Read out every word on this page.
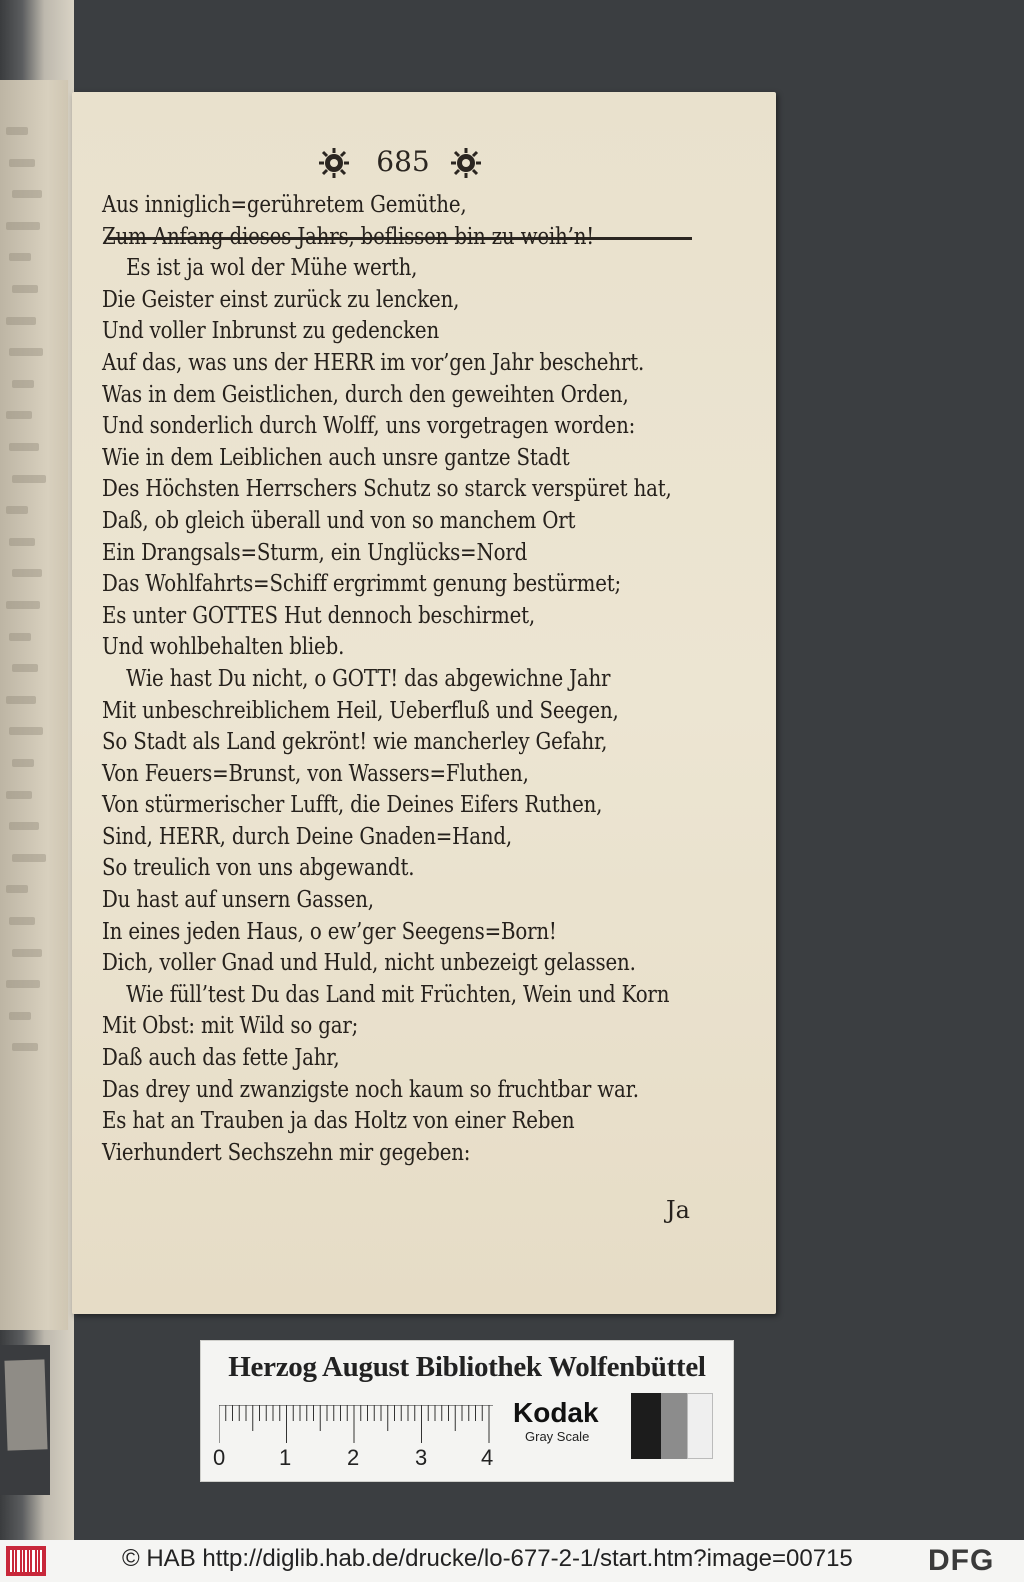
685
Aus inniglich=gerühretem Gemüthe,
Zum Anfang dieses Jahrs, beflissen bin zu weih’n!
Es ist ja wol der Mühe werth,
Die Geister einst zurück zu lencken,
Und voller Inbrunst zu gedencken
Auf das, was uns der HERR im vor’gen Jahr beschehrt.
Was in dem Geistlichen, durch den geweihten Orden,
Und sonderlich durch Wolff, uns vorgetragen worden:
Wie in dem Leiblichen auch unsre gantze Stadt
Des Höchsten Herrschers Schutz so starck verspüret hat,
Daß, ob gleich überall und von so manchem Ort
Ein Drangsals=Sturm, ein Unglücks=Nord
Das Wohlfahrts=Schiff ergrimmt genung bestürmet;
Es unter GOTTES Hut dennoch beschirmet,
Und wohlbehalten blieb.
Wie hast Du nicht, o GOTT! das abgewichne Jahr
Mit unbeschreiblichem Heil, Ueberfluß und Seegen,
So Stadt als Land gekrönt! wie mancherley Gefahr,
Von Feuers=Brunst, von Wassers=Fluthen,
Von stürmerischer Lufft, die Deines Eifers Ruthen,
Sind, HERR, durch Deine Gnaden=Hand,
So treulich von uns abgewandt.
Du hast auf unsern Gassen,
In eines jeden Haus, o ew’ger Seegens=Born!
Dich, voller Gnad und Huld, nicht unbezeigt gelassen.
Wie füll’test Du das Land mit Früchten, Wein und Korn
Mit Obst: mit Wild so gar;
Daß auch das fette Jahr,
Das drey und zwanzigste noch kaum so fruchtbar war.
Es hat an Trauben ja das Holtz von einer Reben
Vierhundert Sechszehn mir gegeben:
Ja
Herzog August Bibliothek Wolfenbüttel
0 1	2	3 4
Kodak
Gray Scale
© HAB http://diglib.hab.de/drucke/lo-677-2-1/start.htm?image=00715	DFG
